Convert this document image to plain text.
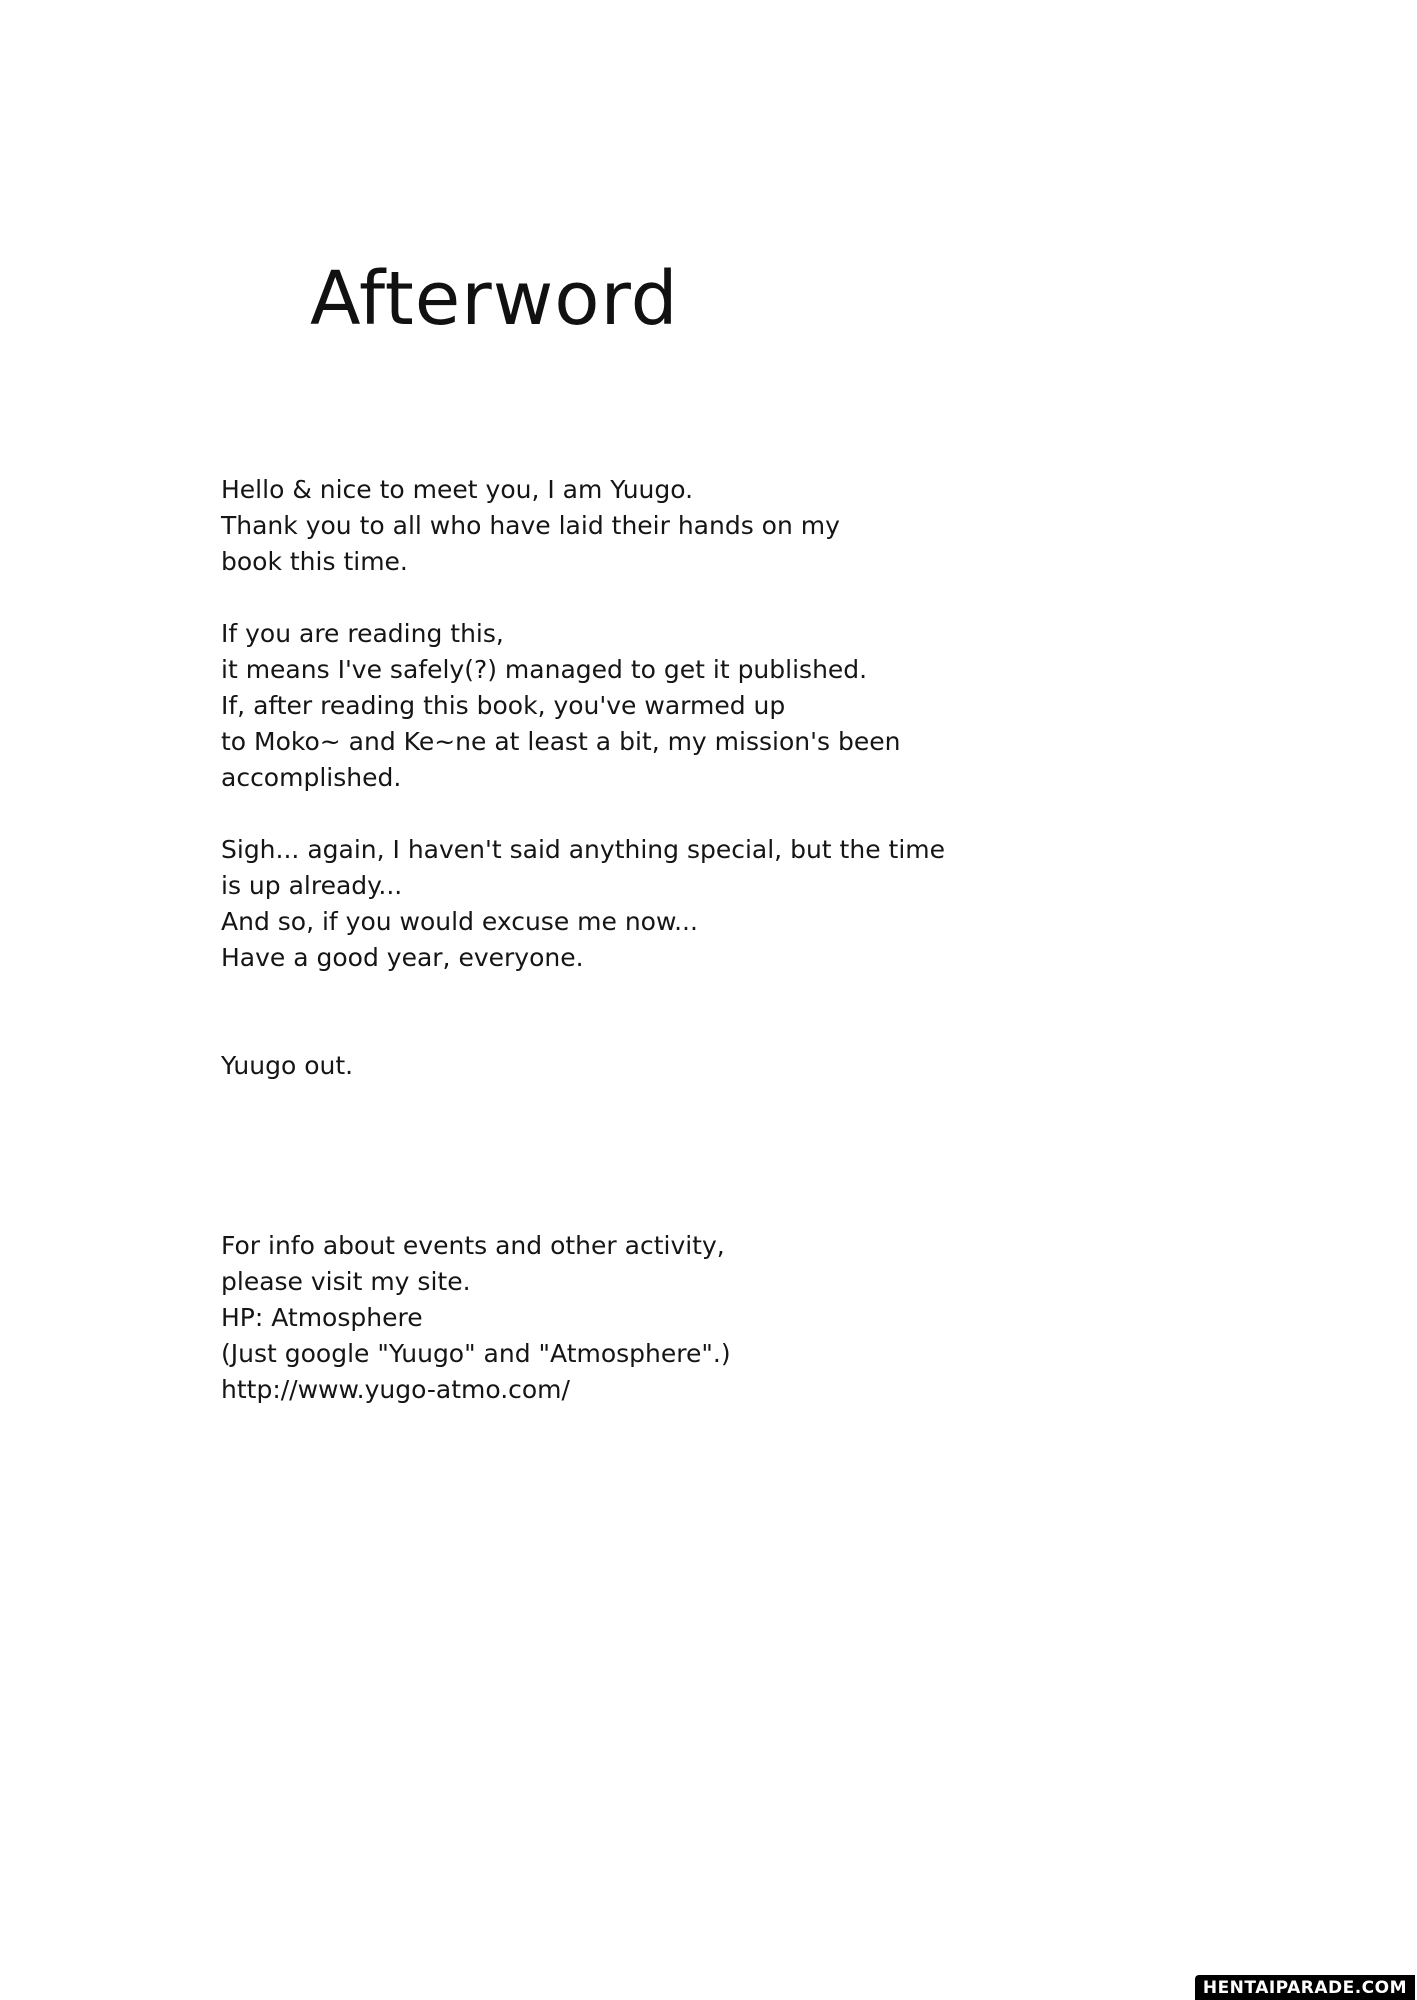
Afterword

Hello & nice to meet you, I am Yuugo.

Thank you to all who have laid their hands on my

book this time.

If you are reading this,

it means I've safely(?) managed to get it published.

If, after reading this book, you've warmed up

to Moko~ and Ke~ne at least a bit, my mission's been

accomplished.

Sigh... again, I haven't said anything special, but the time

is up already...

And so, if you would excuse me now...

Have a good year, everyone.

Yuugo out.

For info about events and other activity,

please visit my site.

HP: Atmosphere

(Just google "Yuugo" and "Atmosphere".)

http://www.yugo-atmo.com/

HENTAIPARADE.COM
